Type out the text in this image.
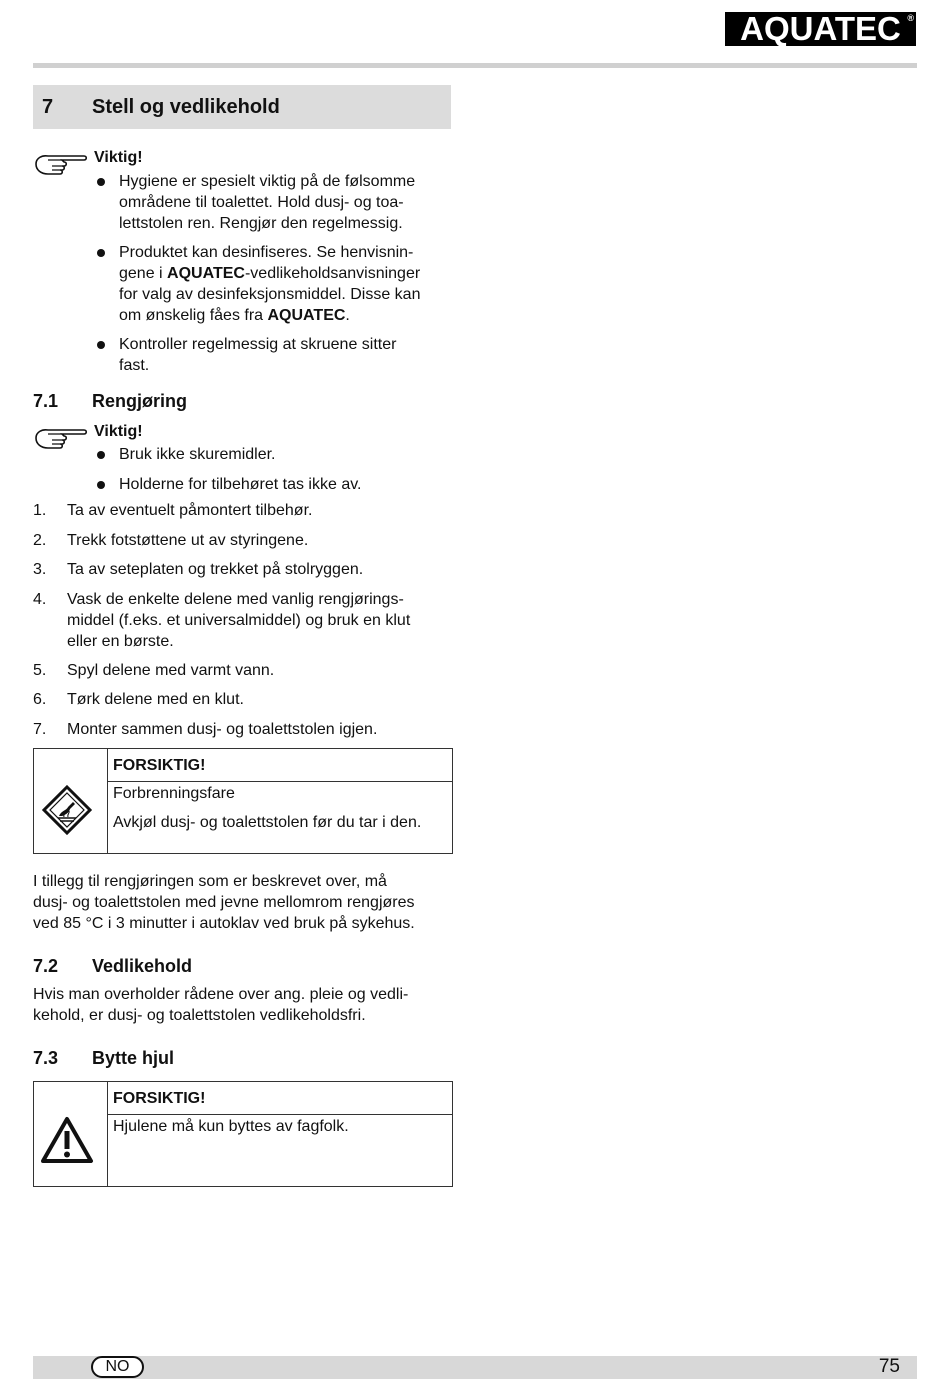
AQUATEC ®
7 Stell og vedlikehold
Viktig!
Hygiene er spesielt viktig på de følsomme
områdene til toalettet. Hold dusj- og toa-
lettstolen ren. Rengjør den regelmessig.
Produktet kan desinfiseres. Se henvisnin-
gene i AQUATEC-vedlikeholdsanvisninger
for valg av desinfeksjonsmiddel. Disse kan
om ønskelig fåes fra AQUATEC.
Kontroller regelmessig at skruene sitter
fast.
7.1 Rengjøring
Viktig!
Bruk ikke skuremidler.
Holderne for tilbehøret tas ikke av.
1. Ta av eventuelt påmontert tilbehør.
2. Trekk fotstøttene ut av styringene.
3. Ta av seteplaten og trekket på stolryggen.
4. Vask de enkelte delene med vanlig rengjørings-
middel (f.eks. et universalmiddel) og bruk en klut
eller en børste.
5. Spyl delene med varmt vann.
6. Tørk delene med en klut.
7. Monter sammen dusj- og toalettstolen igjen.
FORSIKTIG!
Forbrenningsfare
Avkjøl dusj- og toalettstolen før du tar i den.
I tillegg til rengjøringen som er beskrevet over, må
dusj- og toalettstolen med jevne mellomrom rengjøres
ved 85 °C i 3 minutter i autoklav ved bruk på sykehus.
7.2 Vedlikehold
Hvis man overholder rådene over ang. pleie og vedli-
kehold, er dusj- og toalettstolen vedlikeholdsfri.
7.3 Bytte hjul
FORSIKTIG!
Hjulene må kun byttes av fagfolk.
NO	75
